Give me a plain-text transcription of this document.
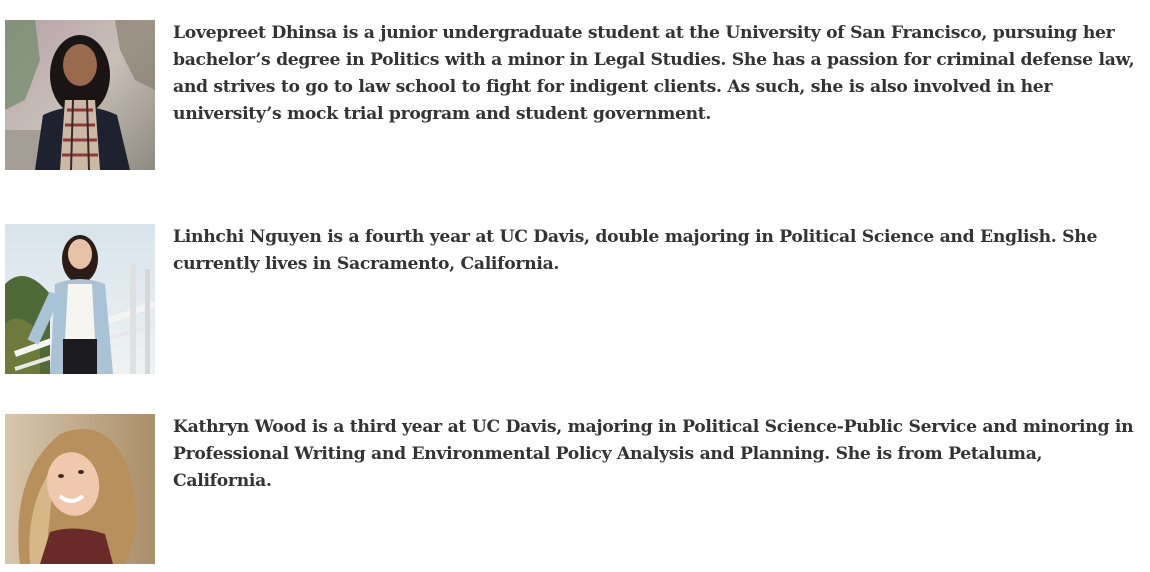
Lovepreet Dhinsa is a junior undergraduate student at the University of San Francisco, pursuing her bachelor’s degree in Politics with a minor in Legal Studies. She has a passion for criminal defense law, and strives to go to law school to fight for indigent clients. As such, she is also involved in her university’s mock trial program and student government.

Linhchi Nguyen is a fourth year at UC Davis, double majoring in Political Science and English. She currently lives in Sacramento, California.

Kathryn Wood is a third year at UC Davis, majoring in Political Science-Public Service and minoring in Professional Writing and Environmental Policy Analysis and Planning. She is from Petaluma, California.
